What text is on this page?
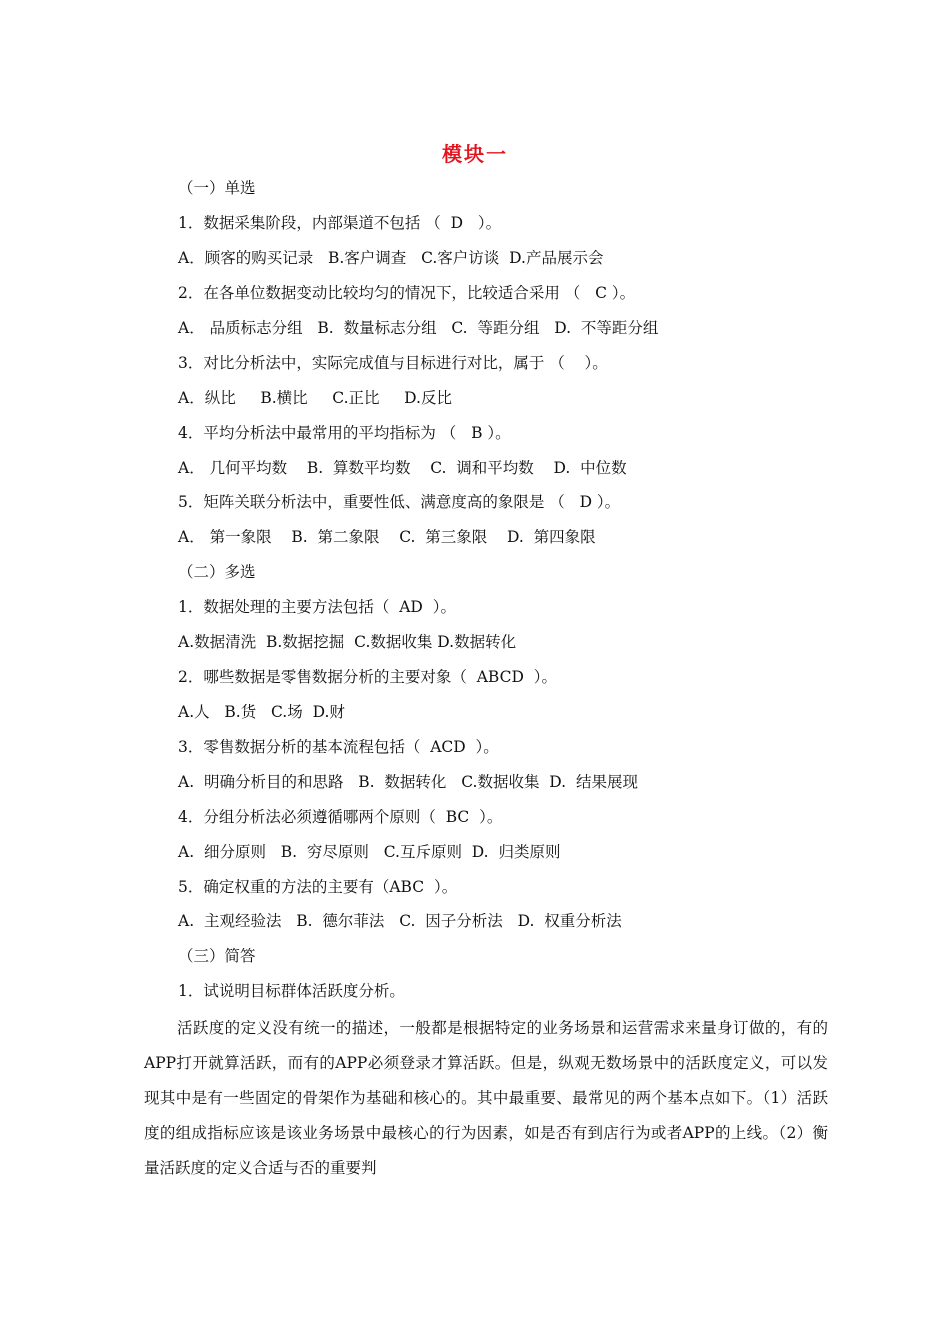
模块一
（一）单选
1．数据采集阶段，内部渠道不包括 （  D   ）。
A．顾客的购买记录   B.客户调查   C.客户访谈  D.产品展示会
2．在各单位数据变动比较均匀的情况下，比较适合采用 （   C ）。
A． 品质标志分组   B.  数量标志分组   C.  等距分组   D.  不等距分组
3．对比分析法中，实际完成值与目标进行对比，属于 （    ）。
A．纵比     B.横比     C.正比     D.反比
4．平均分析法中最常用的平均指标为 （   B ）。
A． 几何平均数    B.  算数平均数    C.  调和平均数    D.  中位数
5．矩阵关联分析法中，重要性低、满意度高的象限是 （   D ）。
A． 第一象限    B.  第二象限    C.  第三象限    D.  第四象限
（二）多选
1．数据处理的主要方法包括（  AD  ）。
A.数据清洗  B.数据挖掘  C.数据收集 D.数据转化
2．哪些数据是零售数据分析的主要对象（  ABCD  ）。
A.人   B.货   C.场  D.财
3．零售数据分析的基本流程包括（  ACD  ）。
A.  明确分析目的和思路   B.  数据转化   C.数据收集  D.  结果展现
4．分组分析法必须遵循哪两个原则（  BC  ）。
A.  细分原则   B.  穷尽原则   C.互斥原则  D.  归类原则
5．确定权重的方法的主要有（ABC  ）。
A.  主观经验法   B.  德尔菲法   C.  因子分析法   D.  权重分析法
（三）简答
1．试说明目标群体活跃度分析。
活跃度的定义没有统一的描述，一般都是根据特定的业务场景和运营需求来量身订做的，有的APP打开就算活跃，而有的APP必须登录才算活跃。但是，纵观无数场景中的活跃度定义，可以发现其中是有一些固定的骨架作为基础和核心的。其中最重要、最常见的两个基本点如下。（1）活跃度的组成指标应该是该业务场景中最核心的行为因素，如是否有到店行为或者APP的上线。（2）衡量活跃度的定义合适与否的重要判
